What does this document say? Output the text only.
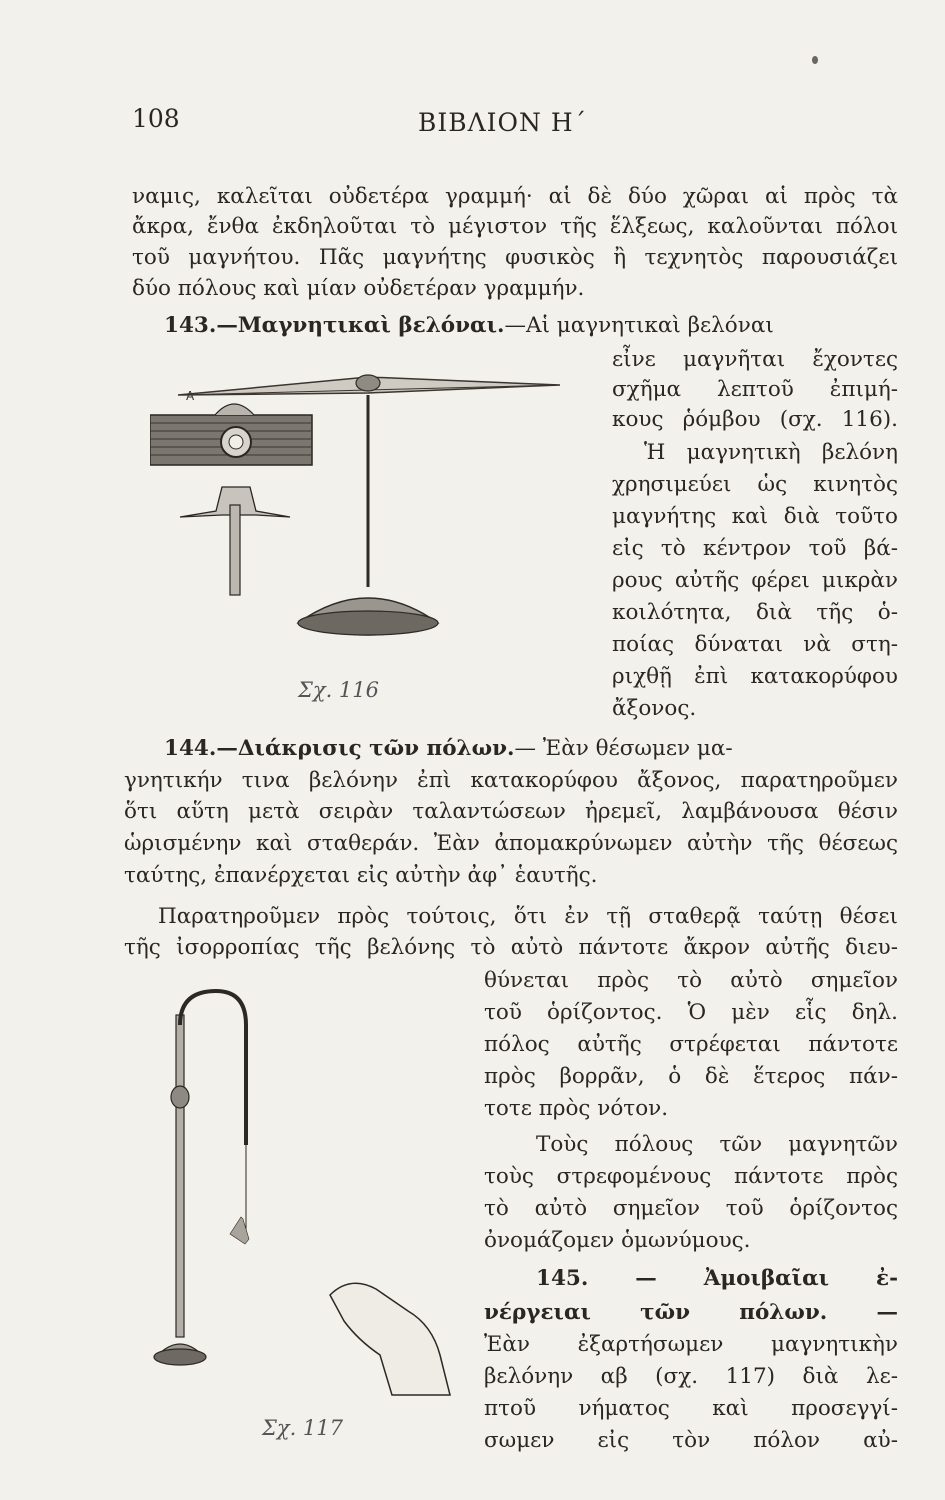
108	ΒΙΒΛΙΟΝ Η΄
ναμις, καλεῖται οὐδετέρα γραμμή· αἱ δὲ δύο χῶραι αἱ πρὸς τὰ
ἄκρα, ἔνθα ἐκδηλοῦται τὸ μέγιστον τῆς ἕλξεως, καλοῦνται πόλοι
τοῦ μαγνήτου. Πᾶς μαγνήτης φυσικὸς ἢ τεχνητὸς παρουσιάζει
δύο πόλους καὶ μίαν οὐδετέραν γραμμήν.
143.—Μαγνητικαὶ βελόναι.—Αἱ μαγνητικαὶ βελόναι
εἶνε μαγνῆται ἔχοντες
σχῆμα λεπτοῦ ἐπιμή-
κους ῥόμβου (σχ. 116).
Ἡ μαγνητικὴ βελόνη
χρησιμεύει ὡς κινητὸς
μαγνήτης καὶ διὰ τοῦτο
εἰς τὸ κέντρον τοῦ βά-
ρους αὐτῆς φέρει μικρὰν
κοιλότητα, διὰ τῆς ὁ-
ποίας δύναται νὰ στη-
ριχθῇ ἐπὶ κατακορύφου
ἄξονος.
A
Σχ. 116
144.—Διάκρισις τῶν πόλων.— Ἐὰν θέσωμεν μα-
γνητικήν τινα βελόνην ἐπὶ κατακορύφου ἄξονος, παρατηροῦμεν
ὅτι αὕτη μετὰ σειρὰν ταλαντώσεων ἠρεμεῖ, λαμβάνουσα θέσιν
ὡρισμένην καὶ σταθεράν. Ἐὰν ἀπομακρύνωμεν αὐτὴν τῆς θέσεως
ταύτης, ἐπανέρχεται εἰς αὐτὴν ἀφ᾽ ἑαυτῆς.
Παρατηροῦμεν πρὸς τούτοις, ὅτι ἐν τῇ σταθερᾷ ταύτῃ θέσει
τῆς ἰσορροπίας τῆς βελόνης τὸ αὐτὸ πάντοτε ἄκρον αὐτῆς διευ-
θύνεται πρὸς τὸ αὐτὸ σημεῖον
τοῦ ὁρίζοντος. Ὁ μὲν εἷς δηλ.
πόλος αὐτῆς στρέφεται πάντοτε
πρὸς βορρᾶν, ὁ δὲ ἕτερος πάν-
τοτε πρὸς νότον.
Τοὺς πόλους τῶν μαγνητῶν
τοὺς στρεφομένους πάντοτε πρὸς
τὸ αὐτὸ σημεῖον τοῦ ὁρίζοντος
ὀνομάζομεν ὁμωνύμους.
145. — Ἀμοιβαῖαι ἐ-
νέργειαι τῶν πόλων. —
Ἐὰν ἐξαρτήσωμεν μαγνητικὴν
βελόνην αβ (σχ. 117) διὰ λε-
πτοῦ νήματος καὶ προσεγγί-
σωμεν εἰς τὸν πόλον αὐ-
Σχ. 117
